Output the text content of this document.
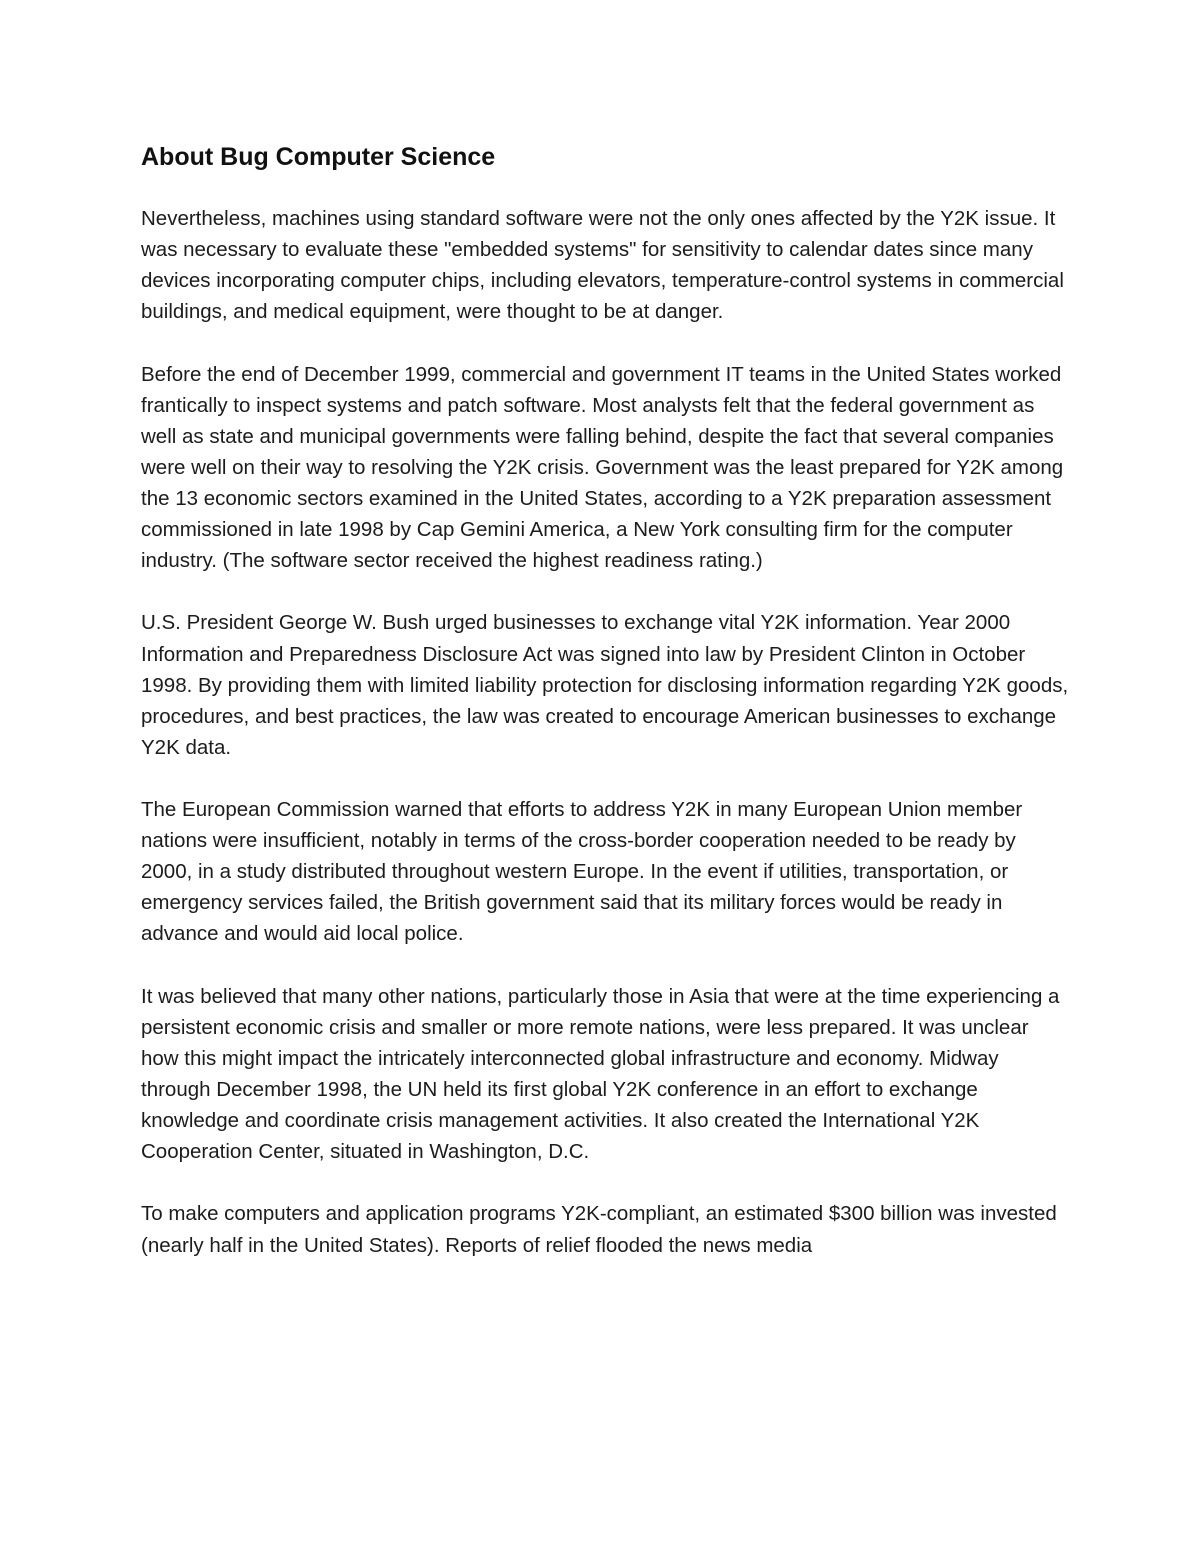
About Bug Computer Science

Nevertheless, machines using standard software were not the only ones affected by the Y2K issue. It was necessary to evaluate these "embedded systems" for sensitivity to calendar dates since many devices incorporating computer chips, including elevators, temperature-control systems in commercial buildings, and medical equipment, were thought to be at danger.

Before the end of December 1999, commercial and government IT teams in the United States worked frantically to inspect systems and patch software. Most analysts felt that the federal government as well as state and municipal governments were falling behind, despite the fact that several companies were well on their way to resolving the Y2K crisis. Government was the least prepared for Y2K among the 13 economic sectors examined in the United States, according to a Y2K preparation assessment commissioned in late 1998 by Cap Gemini America, a New York consulting firm for the computer industry. (The software sector received the highest readiness rating.)

U.S. President George W. Bush urged businesses to exchange vital Y2K information. Year 2000 Information and Preparedness Disclosure Act was signed into law by President Clinton in October 1998. By providing them with limited liability protection for disclosing information regarding Y2K goods, procedures, and best practices, the law was created to encourage American businesses to exchange Y2K data.

The European Commission warned that efforts to address Y2K in many European Union member nations were insufficient, notably in terms of the cross-border cooperation needed to be ready by 2000, in a study distributed throughout western Europe. In the event if utilities, transportation, or emergency services failed, the British government said that its military forces would be ready in advance and would aid local police.

It was believed that many other nations, particularly those in Asia that were at the time experiencing a persistent economic crisis and smaller or more remote nations, were less prepared. It was unclear how this might impact the intricately interconnected global infrastructure and economy. Midway through December 1998, the UN held its first global Y2K conference in an effort to exchange knowledge and coordinate crisis management activities. It also created the International Y2K Cooperation Center, situated in Washington, D.C.

To make computers and application programs Y2K-compliant, an estimated $300 billion was invested (nearly half in the United States). Reports of relief flooded the news media
